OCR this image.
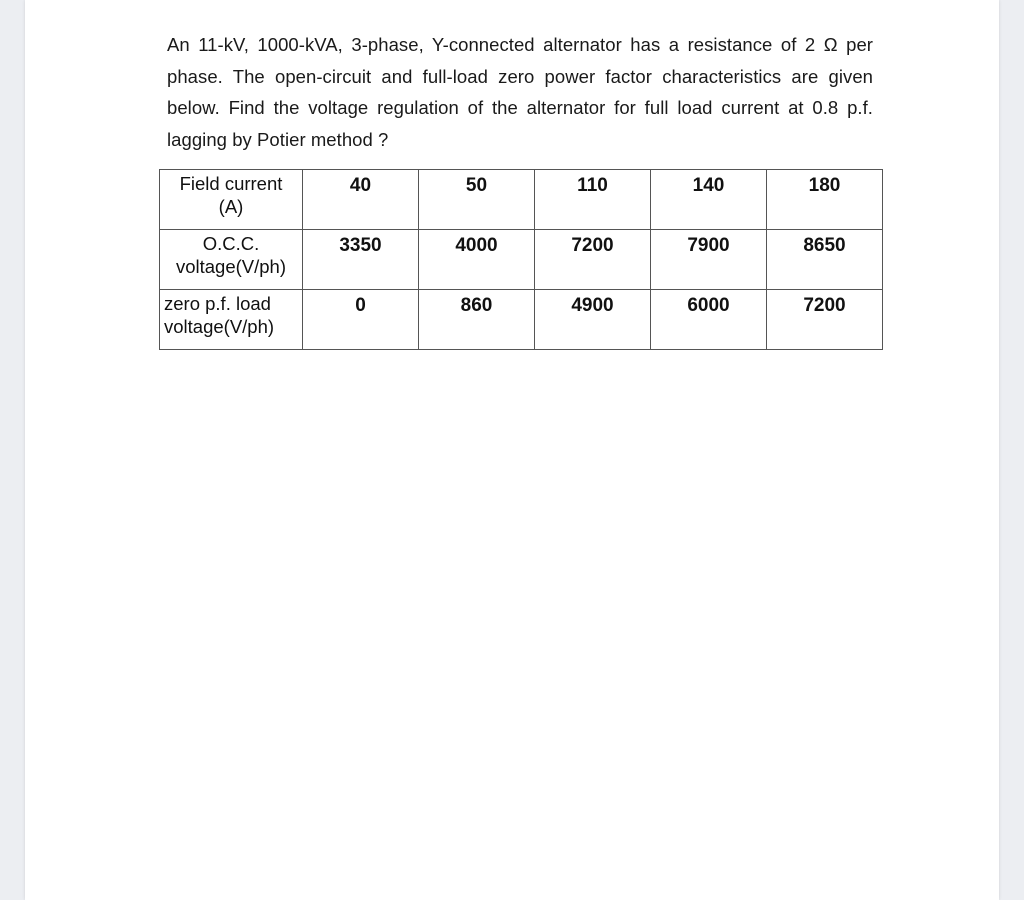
An 11-kV, 1000-kVA, 3-phase, Y-connected alternator has a resistance of 2 Ω per phase. The open-circuit and full-load zero power factor characteristics are given below. Find the voltage regulation of the alternator for full load current at 0.8 p.f. lagging by Potier method ?

Field current
(A)	40	50	110	140	180

O.C.C.
voltage(V/ph)	3350	4000	7200	7900	8650

zero p.f. load
voltage(V/ph)	0	860	4900	6000	7200
